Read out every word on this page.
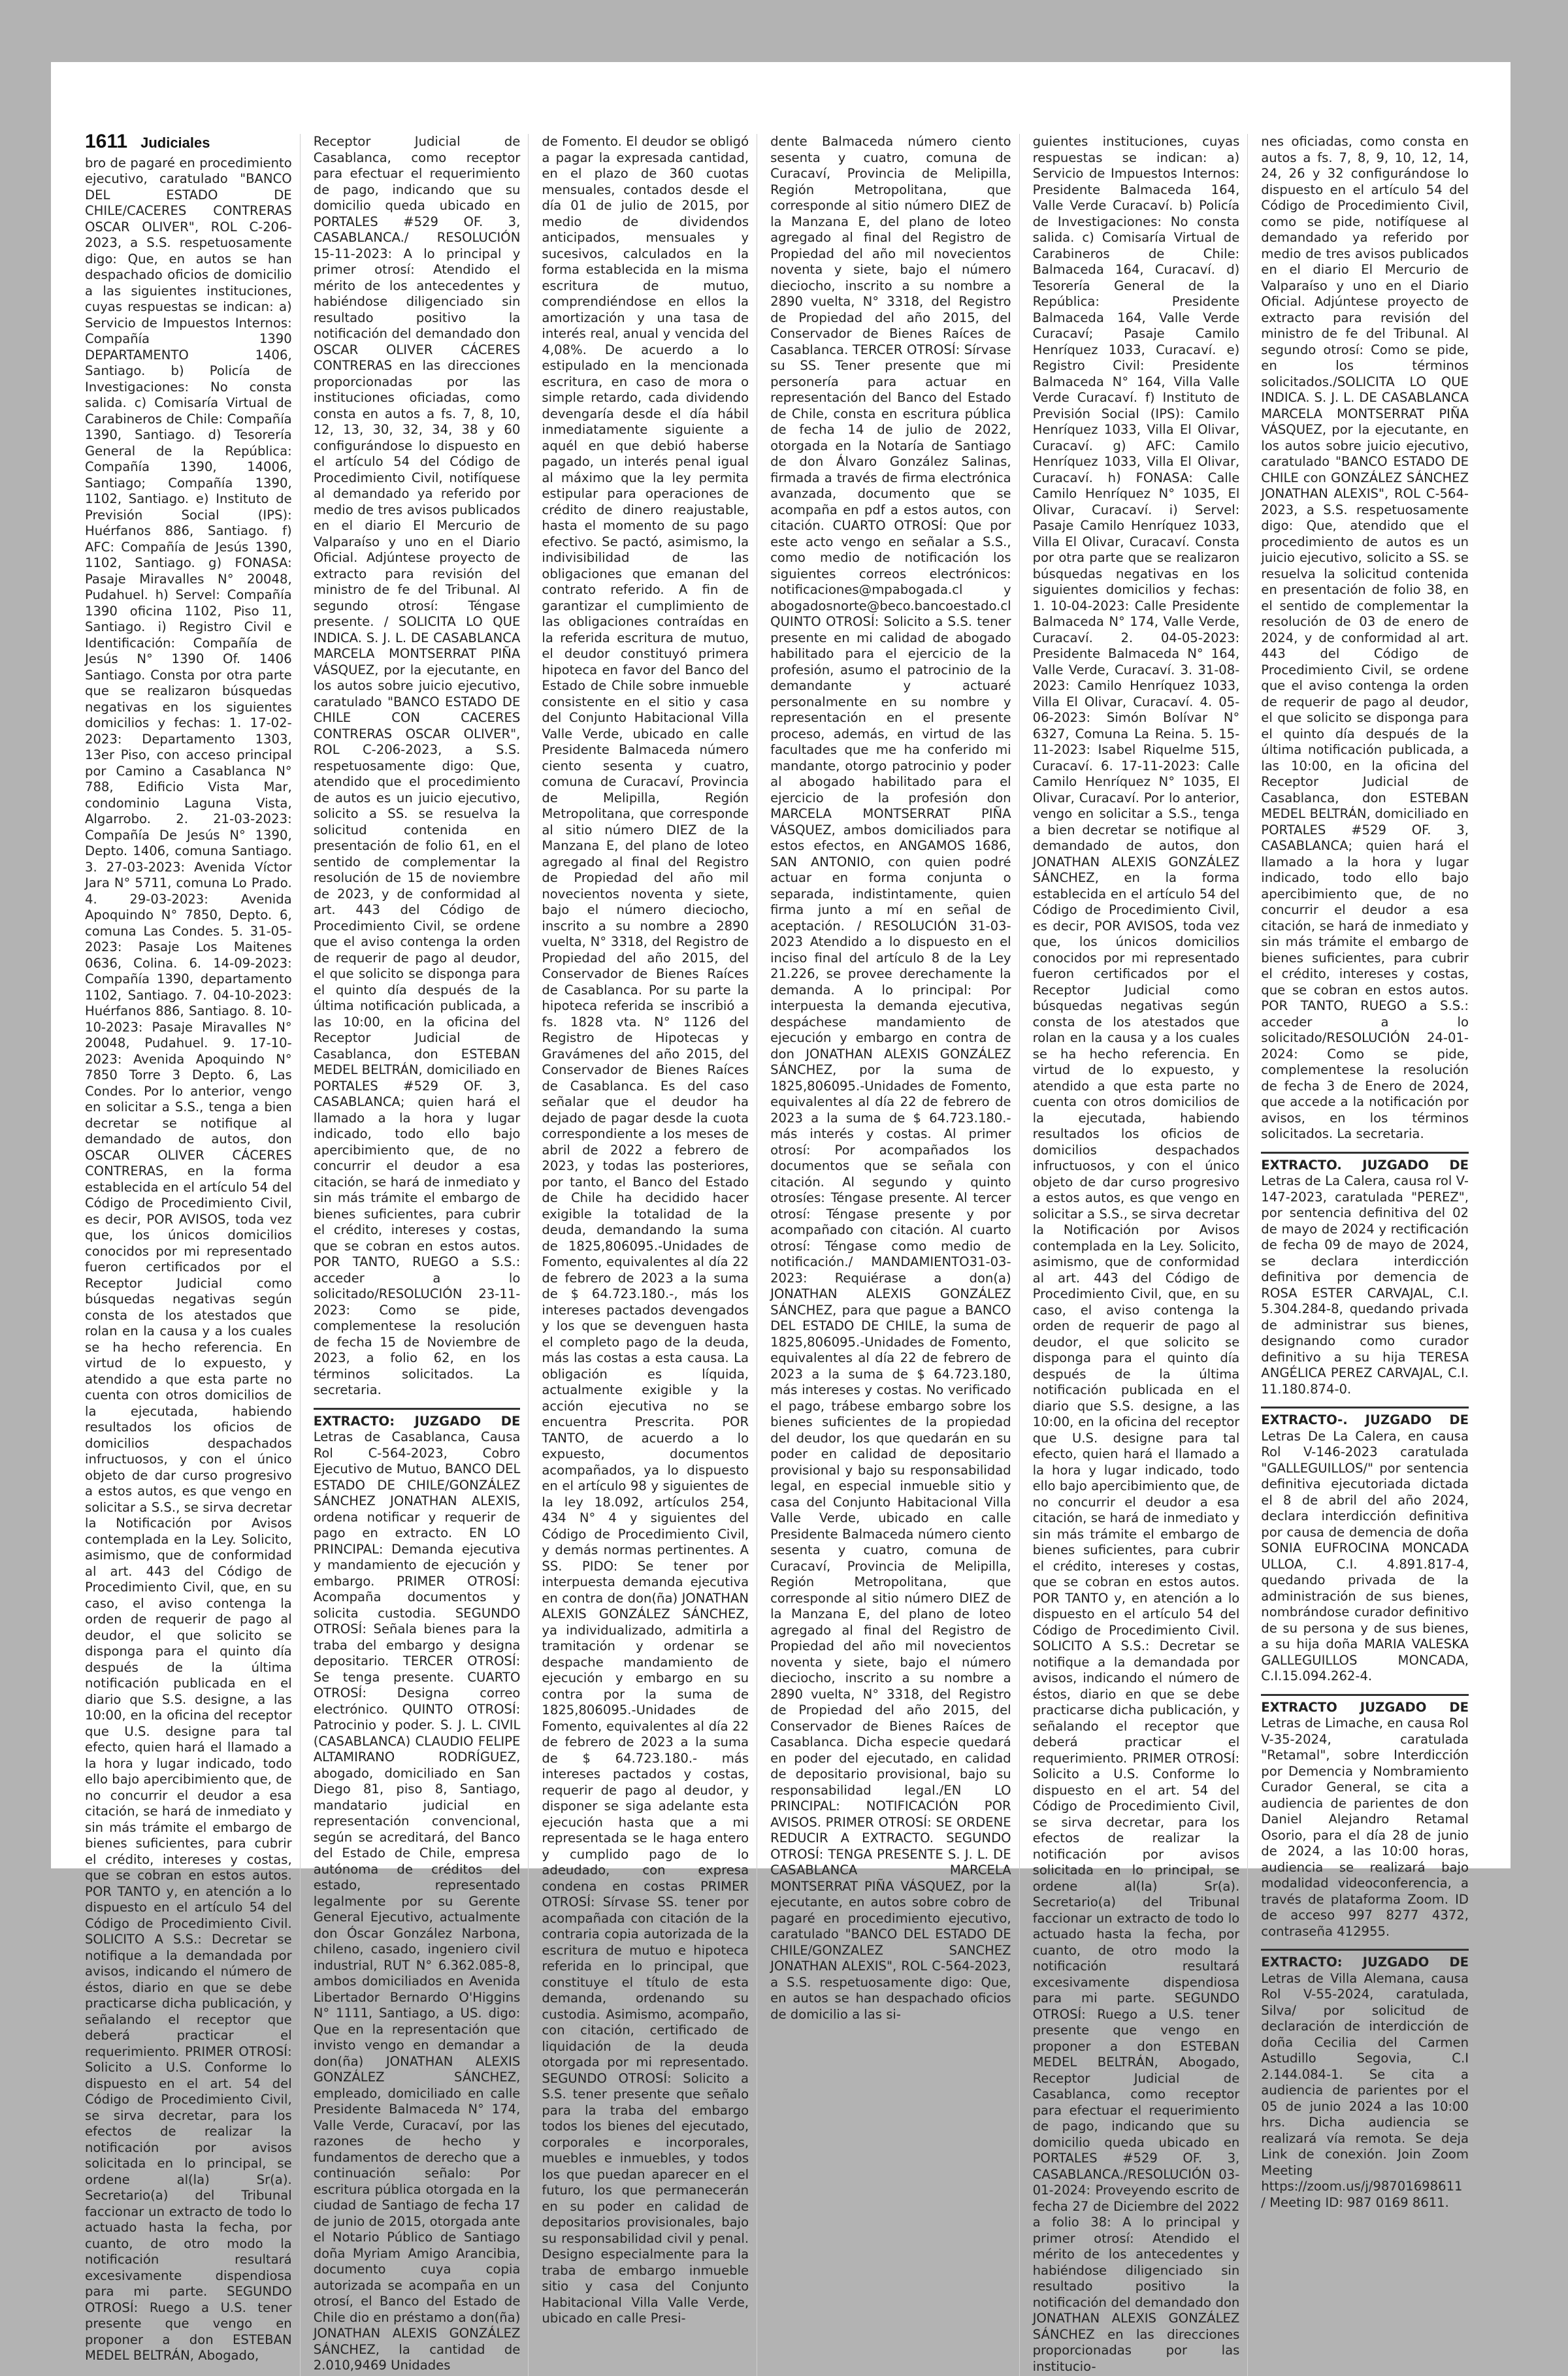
1611 Judiciales

bro de pagaré en procedimiento ejecutivo, caratulado "BANCO DEL ESTADO DE CHILE/CACERES CONTRERAS OSCAR OLIVER", ROL C-206-2023, a S.S. respetuosamente digo: Que, en autos se han despachado oficios de domicilio a las siguientes instituciones, cuyas respuestas se indican: a) Servicio de Impuestos Internos: Compañía 1390 DEPARTAMENTO 1406, Santiago. b) Policía de Investigaciones: No consta salida. c) Comisaría Virtual de Carabineros de Chile: Compañía 1390, Santiago. d) Tesorería General de la República: Compañía 1390, 14006, Santiago; Compañía 1390, 1102, Santiago. e) Instituto de Previsión Social (IPS): Huérfanos 886, Santiago. f) AFC: Compañía de Jesús 1390, 1102, Santiago. g) FONASA: Pasaje Miravalles N° 20048, Pudahuel. h) Servel: Compañía 1390 oficina 1102, Piso 11, Santiago. i) Registro Civil e Identificación: Compañía de Jesús N° 1390 Of. 1406 Santiago. Consta por otra parte que se realizaron búsquedas negativas en los siguientes domicilios y fechas: 1. 17-02-2023: Departamento 1303, 13er Piso, con acceso principal por Camino a Casablanca N° 788, Edificio Vista Mar, condominio Laguna Vista, Algarrobo. 2. 21-03-2023: Compañía De Jesús N° 1390, Depto. 1406, comuna Santiago. 3. 27-03-2023: Avenida Víctor Jara N° 5711, comuna Lo Prado. 4. 29-03-2023: Avenida Apoquindo N° 7850, Depto. 6, comuna Las Condes. 5. 31-05-2023: Pasaje Los Maitenes 0636, Colina. 6. 14-09-2023: Compañía 1390, departamento 1102, Santiago. 7. 04-10-2023: Huérfanos 886, Santiago. 8. 10-10-2023: Pasaje Miravalles N° 20048, Pudahuel. 9. 17-10-2023: Avenida Apoquindo N° 7850 Torre 3 Depto. 6, Las Condes. Por lo anterior, vengo en solicitar a S.S., tenga a bien decretar se notifique al demandado de autos, don OSCAR OLIVER CÁCERES CONTRERAS, en la forma establecida en el artículo 54 del Código de Procedimiento Civil, es decir, POR AVISOS, toda vez que, los únicos domicilios conocidos por mi representado fueron certificados por el Receptor Judicial como búsquedas negativas según consta de los atestados que rolan en la causa y a los cuales se ha hecho referencia. En virtud de lo expuesto, y atendido a que esta parte no cuenta con otros domicilios de la ejecutada, habiendo resultados los oficios de domicilios despachados infructuosos, y con el único objeto de dar curso progresivo a estos autos, es que vengo en solicitar a S.S., se sirva decretar la Notificación por Avisos contemplada en la Ley. Solicito, asimismo, que de conformidad al art. 443 del Código de Procedimiento Civil, que, en su caso, el aviso contenga la orden de requerir de pago al deudor, el que solicito se disponga para el quinto día después de la última notificación publicada en el diario que S.S. designe, a las 10:00, en la oficina del receptor que U.S. designe para tal efecto, quien hará el llamado a la hora y lugar indicado, todo ello bajo apercibimiento que, de no concurrir el deudor a esa citación, se hará de inmediato y sin más trámite el embargo de bienes suficientes, para cubrir el crédito, intereses y costas, que se cobran en estos autos. POR TANTO y, en atención a lo dispuesto en el artículo 54 del Código de Procedimiento Civil. SOLICITO A S.S.: Decretar se notifique a la demandada por avisos, indicando el número de éstos, diario en que se debe practicarse dicha publicación, y señalando el receptor que deberá practicar el requerimiento. PRIMER OTROSÍ: Solicito a U.S. Conforme lo dispuesto en el art. 54 del Código de Procedimiento Civil, se sirva decretar, para los efectos de realizar la notificación por avisos solicitada en lo principal, se ordene al(la) Sr(a). Secretario(a) del Tribunal faccionar un extracto de todo lo actuado hasta la fecha, por cuanto, de otro modo la notificación resultará excesivamente dispendiosa para mi parte. SEGUNDO OTROSÍ: Ruego a U.S. tener presente que vengo en proponer a don ESTEBAN MEDEL BELTRÁN, Abogado,

Receptor Judicial de Casablanca, como receptor para efectuar el requerimiento de pago, indicando que su domicilio queda ubicado en PORTALES #529 OF. 3, CASABLANCA./ RESOLUCIÓN 15-11-2023: A lo principal y primer otrosí: Atendido el mérito de los antecedentes y habiéndose diligenciado sin resultado positivo la notificación del demandado don OSCAR OLIVER CÁCERES CONTRERAS en las direcciones proporcionadas por las instituciones oficiadas, como consta en autos a fs. 7, 8, 10, 12, 13, 30, 32, 34, 38 y 60 configurándose lo dispuesto en el artículo 54 del Código de Procedimiento Civil, notifíquese al demandado ya referido por medio de tres avisos publicados en el diario El Mercurio de Valparaíso y uno en el Diario Oficial. Adjúntese proyecto de extracto para revisión del ministro de fe del Tribunal. Al segundo otrosí: Téngase presente. / SOLICITA LO QUE INDICA. S. J. L. DE CASABLANCA MARCELA MONTSERRAT PIÑA VÁSQUEZ, por la ejecutante, en los autos sobre juicio ejecutivo, caratulado "BANCO ESTADO DE CHILE CON CACERES CONTRERAS OSCAR OLIVER", ROL C-206-2023, a S.S. respetuosamente digo: Que, atendido que el procedimiento de autos es un juicio ejecutivo, solicito a SS. se resuelva la solicitud contenida en presentación de folio 61, en el sentido de complementar la resolución de 15 de noviembre de 2023, y de conformidad al art. 443 del Código de Procedimiento Civil, se ordene que el aviso contenga la orden de requerir de pago al deudor, el que solicito se disponga para el quinto día después de la última notificación publicada, a las 10:00, en la oficina del Receptor Judicial de Casablanca, don ESTEBAN MEDEL BELTRÁN, domiciliado en PORTALES #529 OF. 3, CASABLANCA; quien hará el llamado a la hora y lugar indicado, todo ello bajo apercibimiento que, de no concurrir el deudor a esa citación, se hará de inmediato y sin más trámite el embargo de bienes suficientes, para cubrir el crédito, intereses y costas, que se cobran en estos autos. POR TANTO, RUEGO a S.S.: acceder a lo solicitado/RESOLUCIÓN 23-11-2023: Como se pide, complementese la resolución de fecha 15 de Noviembre de 2023, a folio 62, en los términos solicitados. La secretaria.

EXTRACTO: JUZGADO DE Letras de Casablanca, Causa Rol C-564-2023, Cobro Ejecutivo de Mutuo, BANCO DEL ESTADO DE CHILE/GONZÁLEZ SÁNCHEZ JONATHAN ALEXIS, ordena notificar y requerir de pago en extracto. EN LO PRINCIPAL: Demanda ejecutiva y mandamiento de ejecución y embargo. PRIMER OTROSÍ: Acompaña documentos y solicita custodia. SEGUNDO OTROSÍ: Señala bienes para la traba del embargo y designa depositario. TERCER OTROSÍ: Se tenga presente. CUARTO OTROSÍ: Designa correo electrónico. QUINTO OTROSÍ: Patrocinio y poder. S. J. L. CIVIL (CASABLANCA) CLAUDIO FELIPE ALTAMIRANO RODRÍGUEZ, abogado, domiciliado en San Diego 81, piso 8, Santiago, mandatario judicial en representación convencional, según se acreditará, del Banco del Estado de Chile, empresa autónoma de créditos del estado, representado legalmente por su Gerente General Ejecutivo, actualmente don Óscar González Narbona, chileno, casado, ingeniero civil industrial, RUT N° 6.362.085-8, ambos domiciliados en Avenida Libertador Bernardo O'Higgins N° 1111, Santiago, a US. digo: Que en la representación que invisto vengo en demandar a don(ña) JONATHAN ALEXIS GONZÁLEZ SÁNCHEZ, empleado, domiciliado en calle Presidente Balmaceda N° 174, Valle Verde, Curacaví, por las razones de hecho y fundamentos de derecho que a continuación señalo: Por escritura pública otorgada en la ciudad de Santiago de fecha 17 de junio de 2015, otorgada ante el Notario Público de Santiago doña Myriam Amigo Arancibia, documento cuya copia autorizada se acompaña en un otrosí, el Banco del Estado de Chile dio en préstamo a don(ña) JONATHAN ALEXIS GONZÁLEZ SÁNCHEZ, la cantidad de 2.010,9469 Unidades

de Fomento. El deudor se obligó a pagar la expresada cantidad, en el plazo de 360 cuotas mensuales, contados desde el día 01 de julio de 2015, por medio de dividendos anticipados, mensuales y sucesivos, calculados en la forma establecida en la misma escritura de mutuo, comprendiéndose en ellos la amortización y una tasa de interés real, anual y vencida del 4,08%. De acuerdo a lo estipulado en la mencionada escritura, en caso de mora o simple retardo, cada dividendo devengaría desde el día hábil inmediatamente siguiente a aquél en que debió haberse pagado, un interés penal igual al máximo que la ley permita estipular para operaciones de crédito de dinero reajustable, hasta el momento de su pago efectivo. Se pactó, asimismo, la indivisibilidad de las obligaciones que emanan del contrato referido. A fin de garantizar el cumplimiento de las obligaciones contraídas en la referida escritura de mutuo, el deudor constituyó primera hipoteca en favor del Banco del Estado de Chile sobre inmueble consistente en el sitio y casa del Conjunto Habitacional Villa Valle Verde, ubicado en calle Presidente Balmaceda número ciento sesenta y cuatro, comuna de Curacaví, Provincia de Melipilla, Región Metropolitana, que corresponde al sitio número DIEZ de la Manzana E, del plano de loteo agregado al final del Registro de Propiedad del año mil novecientos noventa y siete, bajo el número dieciocho, inscrito a su nombre a 2890 vuelta, N° 3318, del Registro de Propiedad del año 2015, del Conservador de Bienes Raíces de Casablanca. Por su parte la hipoteca referida se inscribió a fs. 1828 vta. N° 1126 del Registro de Hipotecas y Gravámenes del año 2015, del Conservador de Bienes Raíces de Casablanca. Es del caso señalar que el deudor ha dejado de pagar desde la cuota correspondiente a los meses de abril de 2022 a febrero de 2023, y todas las posteriores, por tanto, el Banco del Estado de Chile ha decidido hacer exigible la totalidad de la deuda, demandando la suma de 1825,806095.-Unidades de Fomento, equivalentes al día 22 de febrero de 2023 a la suma de $ 64.723.180.-, más los intereses pactados devengados y los que se devenguen hasta el completo pago de la deuda, más las costas a esta causa. La obligación es líquida, actualmente exigible y la acción ejecutiva no se encuentra Prescrita. POR TANTO, de acuerdo a lo expuesto, documentos acompañados, ya lo dispuesto en el artículo 98 y siguientes de la ley 18.092, artículos 254, 434 N° 4 y siguientes del Código de Procedimiento Civil, y demás normas pertinentes. A SS. PIDO: Se tener por interpuesta demanda ejecutiva en contra de don(ña) JONATHAN ALEXIS GONZÁLEZ SÁNCHEZ, ya individualizado, admitirla a tramitación y ordenar se despache mandamiento de ejecución y embargo en su contra por la suma de 1825,806095.-Unidades de Fomento, equivalentes al día 22 de febrero de 2023 a la suma de $ 64.723.180.- más intereses pactados y costas, requerir de pago al deudor, y disponer se siga adelante esta ejecución hasta que a mi representada se le haga entero y cumplido pago de lo adeudado, con expresa condena en costas PRIMER OTROSÍ: Sírvase SS. tener por acompañada con citación de la contraria copia autorizada de la escritura de mutuo e hipoteca referida en lo principal, que constituye el título de esta demanda, ordenando su custodia. Asimismo, acompaño, con citación, certificado de liquidación de la deuda otorgada por mi representado. SEGUNDO OTROSÍ: Solicito a S.S. tener presente que señalo para la traba del embargo todos los bienes del ejecutado, corporales e incorporales, muebles e inmuebles, y todos los que puedan aparecer en el futuro, los que permanecerán en su poder en calidad de depositarios provisionales, bajo su responsabilidad civil y penal. Designo especialmente para la traba de embargo inmueble sitio y casa del Conjunto Habitacional Villa Valle Verde, ubicado en calle Presi-

dente Balmaceda número ciento sesenta y cuatro, comuna de Curacaví, Provincia de Melipilla, Región Metropolitana, que corresponde al sitio número DIEZ de la Manzana E, del plano de loteo agregado al final del Registro de Propiedad del año mil novecientos noventa y siete, bajo el número dieciocho, inscrito a su nombre a 2890 vuelta, N° 3318, del Registro de Propiedad del año 2015, del Conservador de Bienes Raíces de Casablanca. TERCER OTROSÍ: Sírvase su SS. Tener presente que mi personería para actuar en representación del Banco del Estado de Chile, consta en escritura pública de fecha 14 de julio de 2022, otorgada en la Notaría de Santiago de don Álvaro González Salinas, firmada a través de firma electrónica avanzada, documento que se acompaña en pdf a estos autos, con citación. CUARTO OTROSÍ: Que por este acto vengo en señalar a S.S., como medio de notificación los siguientes correos electrónicos: notificaciones@mpabogada.cl y abogadosnorte@beco.bancoestado.cl QUINTO OTROSÍ: Solicito a S.S. tener presente en mi calidad de abogado habilitado para el ejercicio de la profesión, asumo el patrocinio de la demandante y actuaré personalmente en su nombre y representación en el presente proceso, además, en virtud de las facultades que me ha conferido mi mandante, otorgo patrocinio y poder al abogado habilitado para el ejercicio de la profesión don MARCELA MONTSERRAT PIÑA VÁSQUEZ, ambos domiciliados para estos efectos, en ANGAMOS 1686, SAN ANTONIO, con quien podré actuar en forma conjunta o separada, indistintamente, quien firma junto a mí en señal de aceptación. / RESOLUCIÓN 31-03-2023 Atendido a lo dispuesto en el inciso final del artículo 8 de la Ley 21.226, se provee derechamente la demanda. A lo principal: Por interpuesta la demanda ejecutiva, despáchese mandamiento de ejecución y embargo en contra de don JONATHAN ALEXIS GONZÁLEZ SÁNCHEZ, por la suma de 1825,806095.-Unidades de Fomento, equivalentes al día 22 de febrero de 2023 a la suma de $ 64.723.180.-más interés y costas. Al primer otrosí: Por acompañados los documentos que se señala con citación. Al segundo y quinto otrosíes: Téngase presente. Al tercer otrosí: Téngase presente y por acompañado con citación. Al cuarto otrosí: Téngase como medio de notificación./ MANDAMIENTO31-03-2023: Requiérase a don(a) JONATHAN ALEXIS GONZÁLEZ SÁNCHEZ, para que pague a BANCO DEL ESTADO DE CHILE, la suma de 1825,806095.-Unidades de Fomento, equivalentes al día 22 de febrero de 2023 a la suma de $ 64.723.180, más intereses y costas. No verificado el pago, trábese embargo sobre los bienes suficientes de la propiedad del deudor, los que quedarán en su poder en calidad de depositario provisional y bajo su responsabilidad legal, en especial inmueble sitio y casa del Conjunto Habitacional Villa Valle Verde, ubicado en calle Presidente Balmaceda número ciento sesenta y cuatro, comuna de Curacaví, Provincia de Melipilla, Región Metropolitana, que corresponde al sitio número DIEZ de la Manzana E, del plano de loteo agregado al final del Registro de Propiedad del año mil novecientos noventa y siete, bajo el número dieciocho, inscrito a su nombre a 2890 vuelta, N° 3318, del Registro de Propiedad del año 2015, del Conservador de Bienes Raíces de Casablanca. Dicha especie quedará en poder del ejecutado, en calidad de depositario provisional, bajo su responsabilidad legal./EN LO PRINCIPAL: NOTIFICACIÓN POR AVISOS. PRIMER OTROSÍ: SE ORDENE REDUCIR A EXTRACTO. SEGUNDO OTROSÍ: TENGA PRESENTE S. J. L. DE CASABLANCA MARCELA MONTSERRAT PIÑA VÁSQUEZ, por la ejecutante, en autos sobre cobro de pagaré en procedimiento ejecutivo, caratulado "BANCO DEL ESTADO DE CHILE/GONZALEZ SANCHEZ JONATHAN ALEXIS", ROL C-564-2023, a S.S. respetuosamente digo: Que, en autos se han despachado oficios de domicilio a las si-

guientes instituciones, cuyas respuestas se indican: a) Servicio de Impuestos Internos: Presidente Balmaceda 164, Valle Verde Curacaví. b) Policía de Investigaciones: No consta salida. c) Comisaría Virtual de Carabineros de Chile: Balmaceda 164, Curacaví. d) Tesorería General de la República: Presidente Balmaceda 164, Valle Verde Curacaví; Pasaje Camilo Henríquez 1033, Curacaví. e) Registro Civil: Presidente Balmaceda N° 164, Villa Valle Verde Curacaví. f) Instituto de Previsión Social (IPS): Camilo Henríquez 1033, Villa El Olivar, Curacaví. g) AFC: Camilo Henríquez 1033, Villa El Olivar, Curacaví. h) FONASA: Calle Camilo Henríquez N° 1035, El Olivar, Curacaví. i) Servel: Pasaje Camilo Henríquez 1033, Villa El Olivar, Curacaví. Consta por otra parte que se realizaron búsquedas negativas en los siguientes domicilios y fechas: 1. 10-04-2023: Calle Presidente Balmaceda N° 174, Valle Verde, Curacaví. 2. 04-05-2023: Presidente Balmaceda N° 164, Valle Verde, Curacaví. 3. 31-08-2023: Camilo Henríquez 1033, Villa El Olivar, Curacaví. 4. 05-06-2023: Simón Bolívar N° 6327, Comuna La Reina. 5. 15-11-2023: Isabel Riquelme 515, Curacaví. 6. 17-11-2023: Calle Camilo Henríquez N° 1035, El Olivar, Curacaví. Por lo anterior, vengo en solicitar a S.S., tenga a bien decretar se notifique al demandado de autos, don JONATHAN ALEXIS GONZÁLEZ SÁNCHEZ, en la forma establecida en el artículo 54 del Código de Procedimiento Civil, es decir, POR AVISOS, toda vez que, los únicos domicilios conocidos por mi representado fueron certificados por el Receptor Judicial como búsquedas negativas según consta de los atestados que rolan en la causa y a los cuales se ha hecho referencia. En virtud de lo expuesto, y atendido a que esta parte no cuenta con otros domicilios de la ejecutada, habiendo resultados los oficios de domicilios despachados infructuosos, y con el único objeto de dar curso progresivo a estos autos, es que vengo en solicitar a S.S., se sirva decretar la Notificación por Avisos contemplada en la Ley. Solicito, asimismo, que de conformidad al art. 443 del Código de Procedimiento Civil, que, en su caso, el aviso contenga la orden de requerir de pago al deudor, el que solicito se disponga para el quinto día después de la última notificación publicada en el diario que S.S. designe, a las 10:00, en la oficina del receptor que U.S. designe para tal efecto, quien hará el llamado a la hora y lugar indicado, todo ello bajo apercibimiento que, de no concurrir el deudor a esa citación, se hará de inmediato y sin más trámite el embargo de bienes suficientes, para cubrir el crédito, intereses y costas, que se cobran en estos autos. POR TANTO y, en atención a lo dispuesto en el artículo 54 del Código de Procedimiento Civil. SOLICITO A S.S.: Decretar se notifique a la demandada por avisos, indicando el número de éstos, diario en que se debe practicarse dicha publicación, y señalando el receptor que deberá practicar el requerimiento. PRIMER OTROSÍ: Solicito a U.S. Conforme lo dispuesto en el art. 54 del Código de Procedimiento Civil, se sirva decretar, para los efectos de realizar la notificación por avisos solicitada en lo principal, se ordene al(la) Sr(a). Secretario(a) del Tribunal faccionar un extracto de todo lo actuado hasta la fecha, por cuanto, de otro modo la notificación resultará excesivamente dispendiosa para mi parte. SEGUNDO OTROSÍ: Ruego a U.S. tener presente que vengo en proponer a don ESTEBAN MEDEL BELTRÁN, Abogado, Receptor Judicial de Casablanca, como receptor para efectuar el requerimiento de pago, indicando que su domicilio queda ubicado en PORTALES #529 OF. 3, CASABLANCA./RESOLUCIÓN 03-01-2024: Proveyendo escrito de fecha 27 de Diciembre del 2022 a folio 38: A lo principal y primer otrosí: Atendido el mérito de los antecedentes y habiéndose diligenciado sin resultado positivo la notificación del demandado don JONATHAN ALEXIS GONZÁLEZ SÁNCHEZ en las direcciones proporcionadas por las institucio-

nes oficiadas, como consta en autos a fs. 7, 8, 9, 10, 12, 14, 24, 26 y 32 configurándose lo dispuesto en el artículo 54 del Código de Procedimiento Civil, como se pide, notifíquese al demandado ya referido por medio de tres avisos publicados en el diario El Mercurio de Valparaíso y uno en el Diario Oficial. Adjúntese proyecto de extracto para revisión del ministro de fe del Tribunal. Al segundo otrosí: Como se pide, en los términos solicitados./SOLICITA LO QUE INDICA. S. J. L. DE CASABLANCA MARCELA MONTSERRAT PIÑA VÁSQUEZ, por la ejecutante, en los autos sobre juicio ejecutivo, caratulado "BANCO ESTADO DE CHILE con GONZÁLEZ SÁNCHEZ JONATHAN ALEXIS", ROL C-564-2023, a S.S. respetuosamente digo: Que, atendido que el procedimiento de autos es un juicio ejecutivo, solicito a SS. se resuelva la solicitud contenida en presentación de folio 38, en el sentido de complementar la resolución de 03 de enero de 2024, y de conformidad al art. 443 del Código de Procedimiento Civil, se ordene que el aviso contenga la orden de requerir de pago al deudor, el que solicito se disponga para el quinto día después de la última notificación publicada, a las 10:00, en la oficina del Receptor Judicial de Casablanca, don ESTEBAN MEDEL BELTRÁN, domiciliado en PORTALES #529 OF. 3, CASABLANCA; quien hará el llamado a la hora y lugar indicado, todo ello bajo apercibimiento que, de no concurrir el deudor a esa citación, se hará de inmediato y sin más trámite el embargo de bienes suficientes, para cubrir el crédito, intereses y costas, que se cobran en estos autos. POR TANTO, RUEGO a S.S.: acceder a lo solicitado/RESOLUCIÓN 24-01-2024: Como se pide, complementese la resolución de fecha 3 de Enero de 2024, que accede a la notificación por avisos, en los términos solicitados. La secretaria.

EXTRACTO. JUZGADO DE Letras de La Calera, causa rol V-147-2023, caratulada "PEREZ", por sentencia definitiva del 02 de mayo de 2024 y rectificación de fecha 09 de mayo de 2024, se declara interdicción definitiva por demencia de ROSA ESTER CARVAJAL, C.I. 5.304.284-8, quedando privada de administrar sus bienes, designando como curador definitivo a su hija TERESA ANGÉLICA PEREZ CARVAJAL, C.I. 11.180.874-0.
EXTRACTO-. JUZGADO DE Letras De La Calera, en causa Rol V-146-2023 caratulada "GALLEGUILLOS/" por sentencia definitiva ejecutoriada dictada el 8 de abril del año 2024, declara interdicción definitiva por causa de demencia de doña SONIA EUFROCINA MONCADA ULLOA, C.I. 4.891.817-4, quedando privada de la administración de sus bienes, nombrándose curador definitivo de su persona y de sus bienes, a su hija doña MARIA VALESKA GALLEGUILLOS MONCADA, C.I.15.094.262-4.
EXTRACTO JUZGADO DE Letras de Limache, en causa Rol V-35-2024, caratulada "Retamal", sobre Interdicción por Demencia y Nombramiento Curador General, se cita a audiencia de parientes de don Daniel Alejandro Retamal Osorio, para el día 28 de junio de 2024, a las 10:00 horas, audiencia se realizará bajo modalidad videoconferencia, a través de plataforma Zoom. ID de acceso 997 8277 4372, contraseña 412955.
EXTRACTO: JUZGADO DE Letras de Villa Alemana, causa Rol V-55-2024, caratulada, Silva/ por solicitud de declaración de interdicción de doña Cecilia del Carmen Astudillo Segovia, C.I 2.144.084-1. Se cita a audiencia de parientes por el 05 de junio 2024 a las 10:00 hrs. Dicha audiencia se realizará vía remota. Se deja Link de conexión. Join Zoom Meeting https://zoom.us/j/98701698611 / Meeting ID: 987 0169 8611.
